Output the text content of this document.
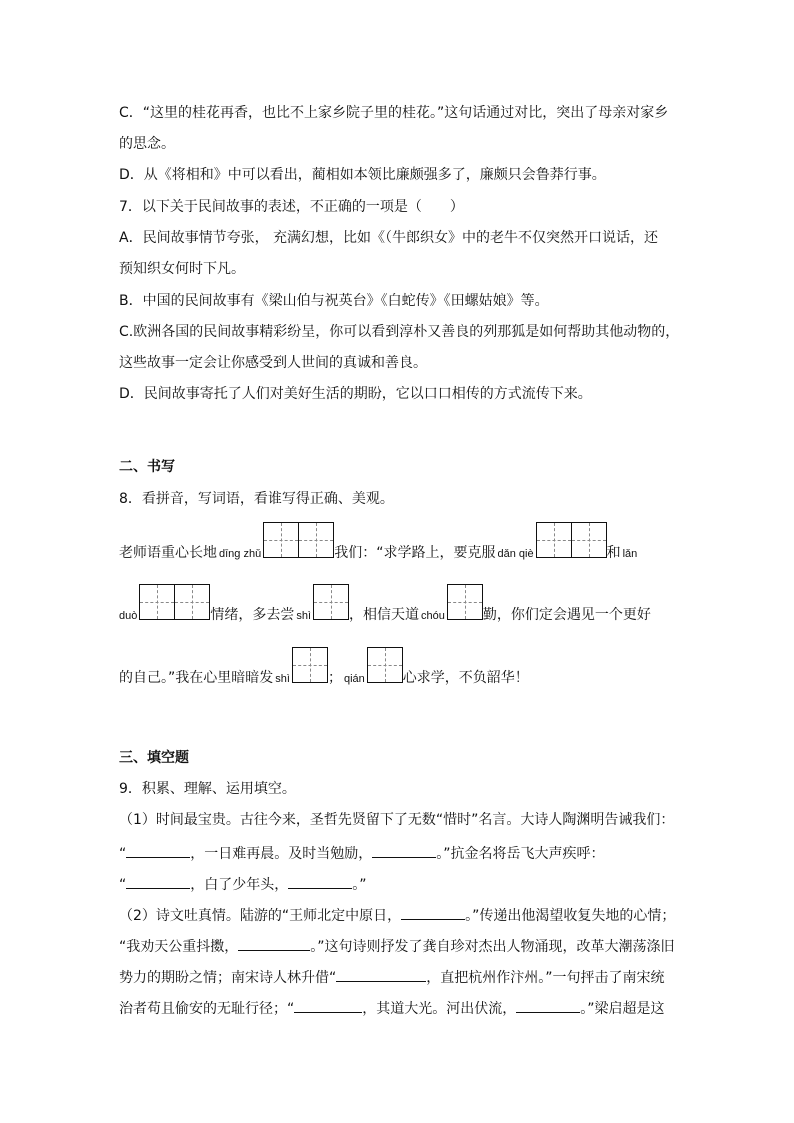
C．“这里的桂花再香，也比不上家乡院子里的桂花。”这句话通过对比，突出了母亲对家乡
的思念。
D．从《将相和》中可以看出，蔺相如本领比廉颇强多了，廉颇只会鲁莽行事。
7．以下关于民间故事的表述，不正确的一项是（　　）
A．民间故事情节夸张， 充满幻想，比如《（牛郎织女》中的老牛不仅突然开口说话，还
预知织女何时下凡。
B．中国的民间故事有《梁山伯与祝英台》《白蛇传》《田螺姑娘》等。
C.欧洲各国的民间故事精彩纷呈，你可以看到淳朴又善良的列那狐是如何帮助其他动物的，
这些故事一定会让你感受到人世间的真诚和善良。
D．民间故事寄托了人们对美好生活的期盼，它以口口相传的方式流传下来。
二、书写
8．看拼音，写词语，看谁写得正确、美观。
老师语重心长地 dīng zhǔ	我们：“求学路上，要克服 dǎn qiè	和 lǎn
duò	情绪，多去尝 shì	，相信天道 chóu	勤，你们定会遇见一个更好
的自己。”我在心里暗暗发 shì	； qián	心求学，不负韶华！
三、填空题
9．积累、理解、运用填空。
（1）时间最宝贵。古往今来，圣哲先贤留下了无数“惜时”名言。大诗人陶渊明告诫我们：
“	，一日难再晨。及时当勉励，	。”抗金名将岳飞大声疾呼：
“	，白了少年头，	。”
（2）诗文吐真情。陆游的“王师北定中原日，	。”传递出他渴望收复失地的心情；
“我劝天公重抖擞，	。”这句诗则抒发了龚自珍对杰出人物涌现，改革大潮荡涤旧
势力的期盼之情；南宋诗人林升借“	，直把杭州作汴州。”一句抨击了南宋统
治者苟且偷安的无耻行径；“	，其道大光。河出伏流，	。”梁启超是这
